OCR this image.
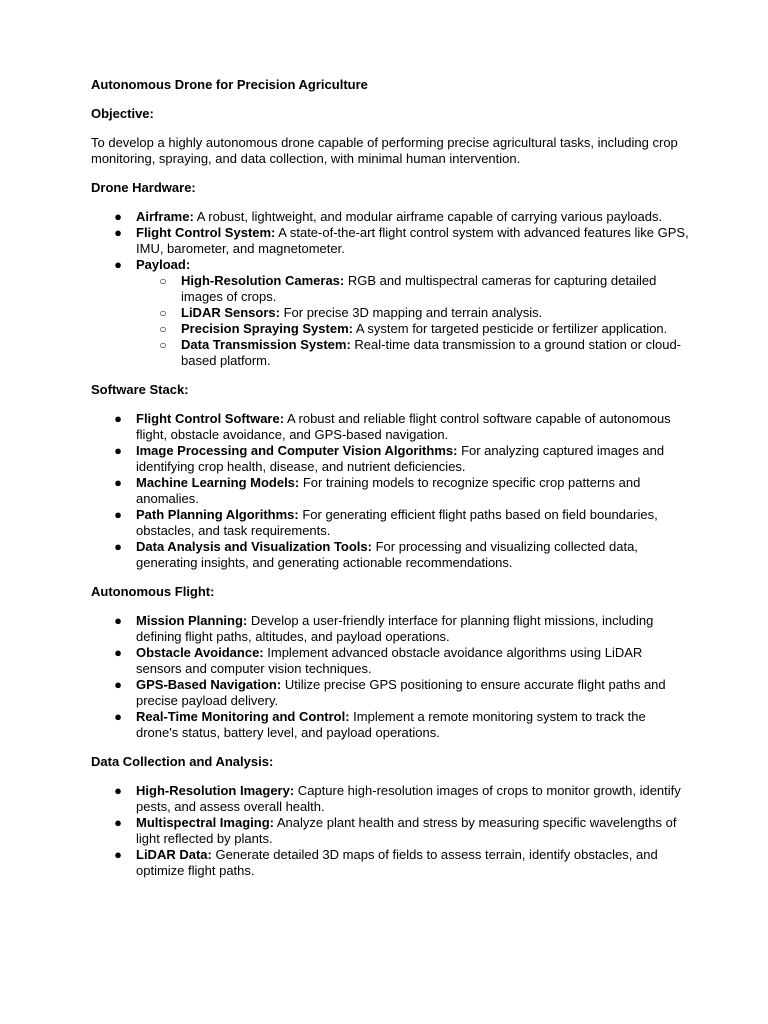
Autonomous Drone for Precision Agriculture

Objective:

To develop a highly autonomous drone capable of performing precise agricultural tasks, including crop monitoring, spraying, and data collection, with minimal human intervention.

Drone Hardware:

● Airframe: A robust, lightweight, and modular airframe capable of carrying various payloads.
● Flight Control System: A state-of-the-art flight control system with advanced features like GPS, IMU, barometer, and magnetometer.
● Payload:
○ High-Resolution Cameras: RGB and multispectral cameras for capturing detailed images of crops.
○ LiDAR Sensors: For precise 3D mapping and terrain analysis.
○ Precision Spraying System: A system for targeted pesticide or fertilizer application.
○ Data Transmission System: Real-time data transmission to a ground station or cloud-based platform.

Software Stack:

● Flight Control Software: A robust and reliable flight control software capable of autonomous flight, obstacle avoidance, and GPS-based navigation.
● Image Processing and Computer Vision Algorithms: For analyzing captured images and identifying crop health, disease, and nutrient deficiencies.
● Machine Learning Models: For training models to recognize specific crop patterns and anomalies.
● Path Planning Algorithms: For generating efficient flight paths based on field boundaries, obstacles, and task requirements.
● Data Analysis and Visualization Tools: For processing and visualizing collected data, generating insights, and generating actionable recommendations.

Autonomous Flight:

● Mission Planning: Develop a user-friendly interface for planning flight missions, including defining flight paths, altitudes, and payload operations.
● Obstacle Avoidance: Implement advanced obstacle avoidance algorithms using LiDAR sensors and computer vision techniques.
● GPS-Based Navigation: Utilize precise GPS positioning to ensure accurate flight paths and precise payload delivery.
● Real-Time Monitoring and Control: Implement a remote monitoring system to track the drone's status, battery level, and payload operations.

Data Collection and Analysis:

● High-Resolution Imagery: Capture high-resolution images of crops to monitor growth, identify pests, and assess overall health.
● Multispectral Imaging: Analyze plant health and stress by measuring specific wavelengths of light reflected by plants.
● LiDAR Data: Generate detailed 3D maps of fields to assess terrain, identify obstacles, and optimize flight paths.
